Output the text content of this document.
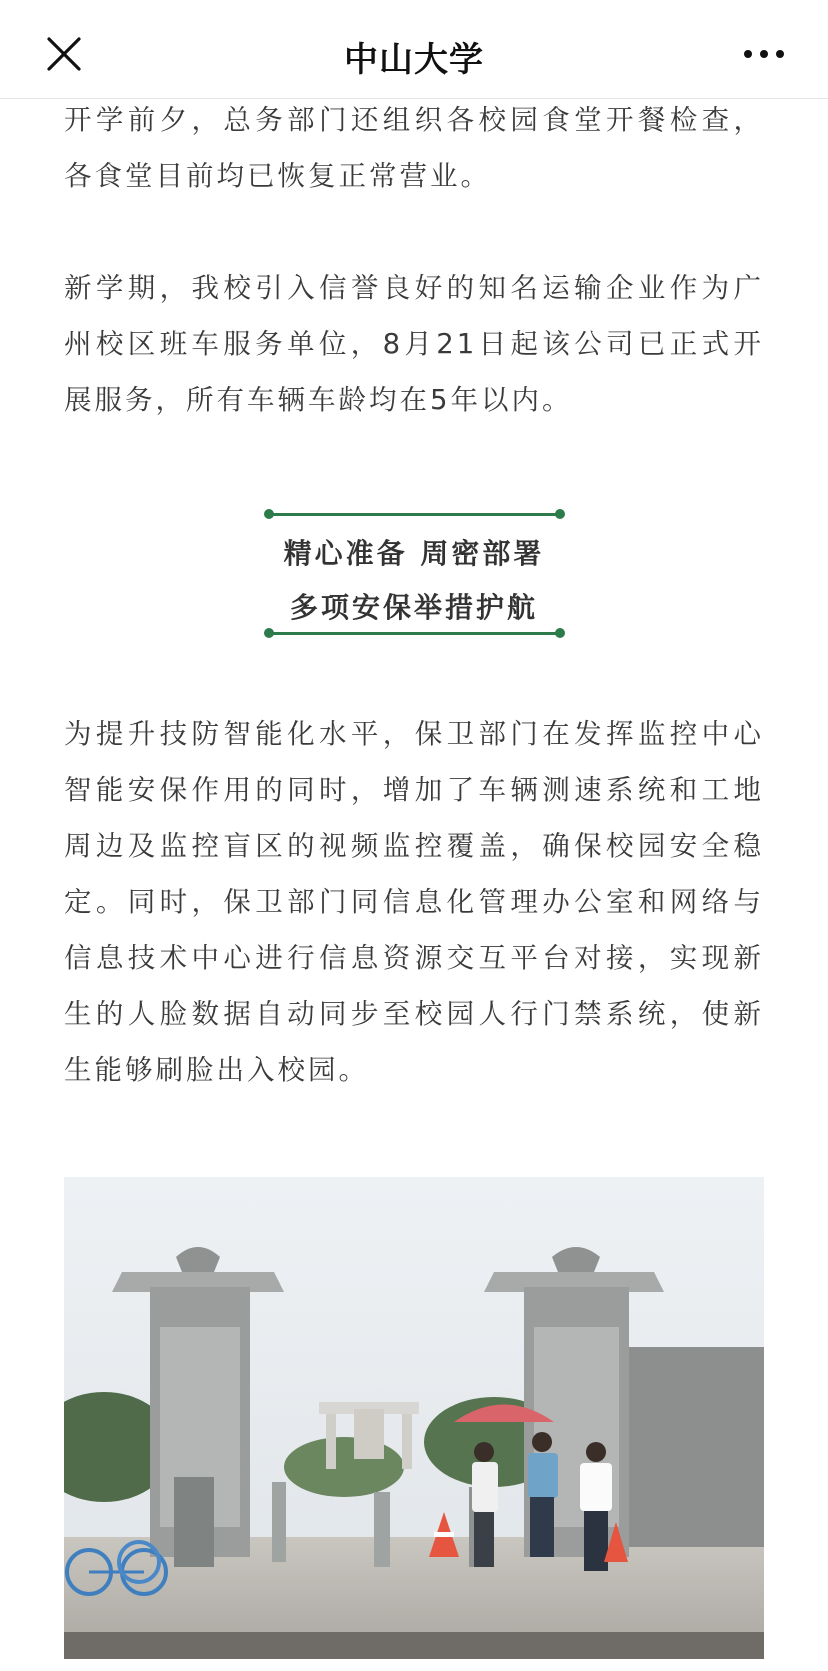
中山大学

开学前夕，总务部门还组织各校园食堂开餐检查，各食堂目前均已恢复正常营业。

新学期，我校引入信誉良好的知名运输企业作为广州校区班车服务单位，8月21日起该公司已正式开展服务，所有车辆车龄均在5年以内。

精心准备 周密部署
多项安保举措护航

为提升技防智能化水平，保卫部门在发挥监控中心智能安保作用的同时，增加了车辆测速系统和工地周边及监控盲区的视频监控覆盖，确保校园安全稳定。同时，保卫部门同信息化管理办公室和网络与信息技术中心进行信息资源交互平台对接，实现新生的人脸数据自动同步至校园人行门禁系统，使新生能够刷脸出入校园。
